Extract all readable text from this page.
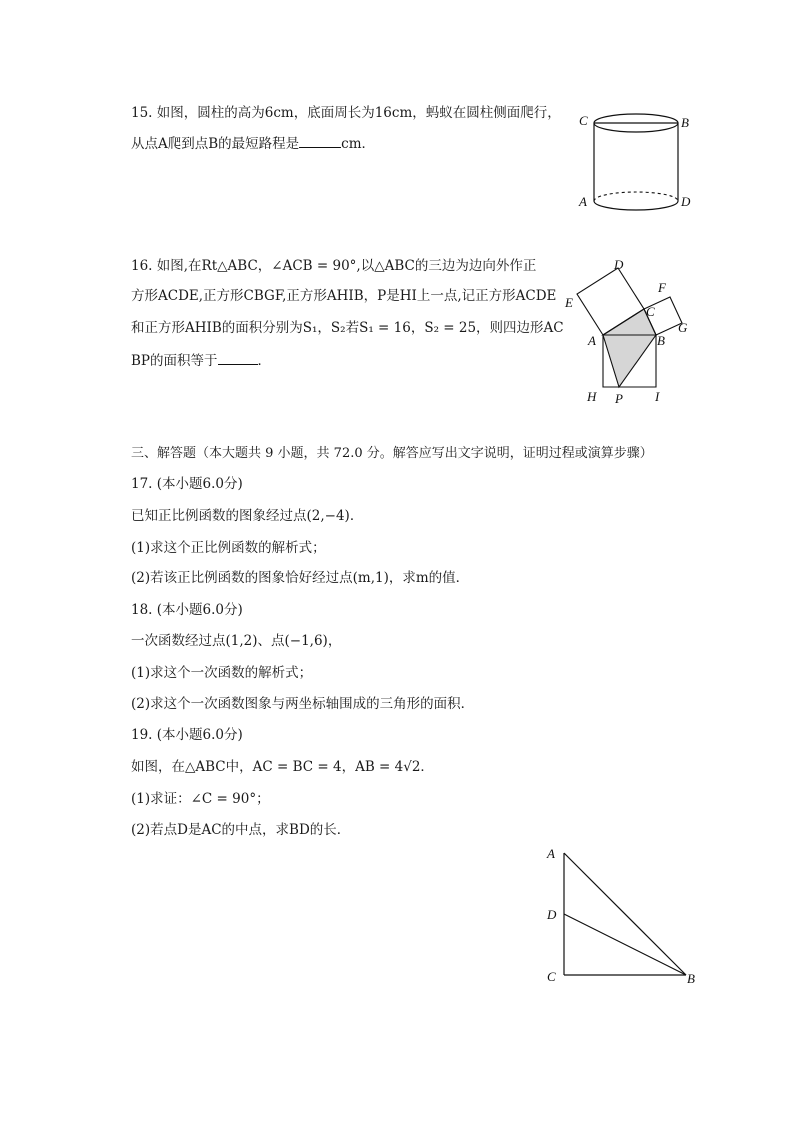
15. 如图，圆柱的高为6cm，底面周长为16cm，蚂蚁在圆柱侧面爬行，
从点A爬到点B的最短路程是	cm．
C	B
A	D
16. 如图,在Rt△ABC，∠ACB = 90°,以△ABC的三边为边向外作正
方形ACDE,正方形CBGF,正方形AHIB，P是HI上一点,记正方形ACDE
和正方形AHIB的面积分别为S₁，S₂若S₁ = 16，S₂ = 25，则四边形AC
BP的面积等于	．
D
F
E
C
G
A	B
H P I
三、解答题（本大题共 9 小题，共 72.0 分。解答应写出文字说明，证明过程或演算步骤）
17. (本小题6.0分)
已知正比例函数的图象经过点(2,−4)．
(1)求这个正比例函数的解析式；
(2)若该正比例函数的图象恰好经过点(m,1)，求m的值．
18. (本小题6.0分)
一次函数经过点(1,2)、点(−1,6)，
(1)求这个一次函数的解析式；
(2)求这个一次函数图象与两坐标轴围成的三角形的面积．
19. (本小题6.0分)
如图，在△ABC中，AC = BC = 4，AB = 4√2．
(1)求证：∠C = 90°；
(2)若点D是AC的中点，求BD的长．
A
D
C	B
